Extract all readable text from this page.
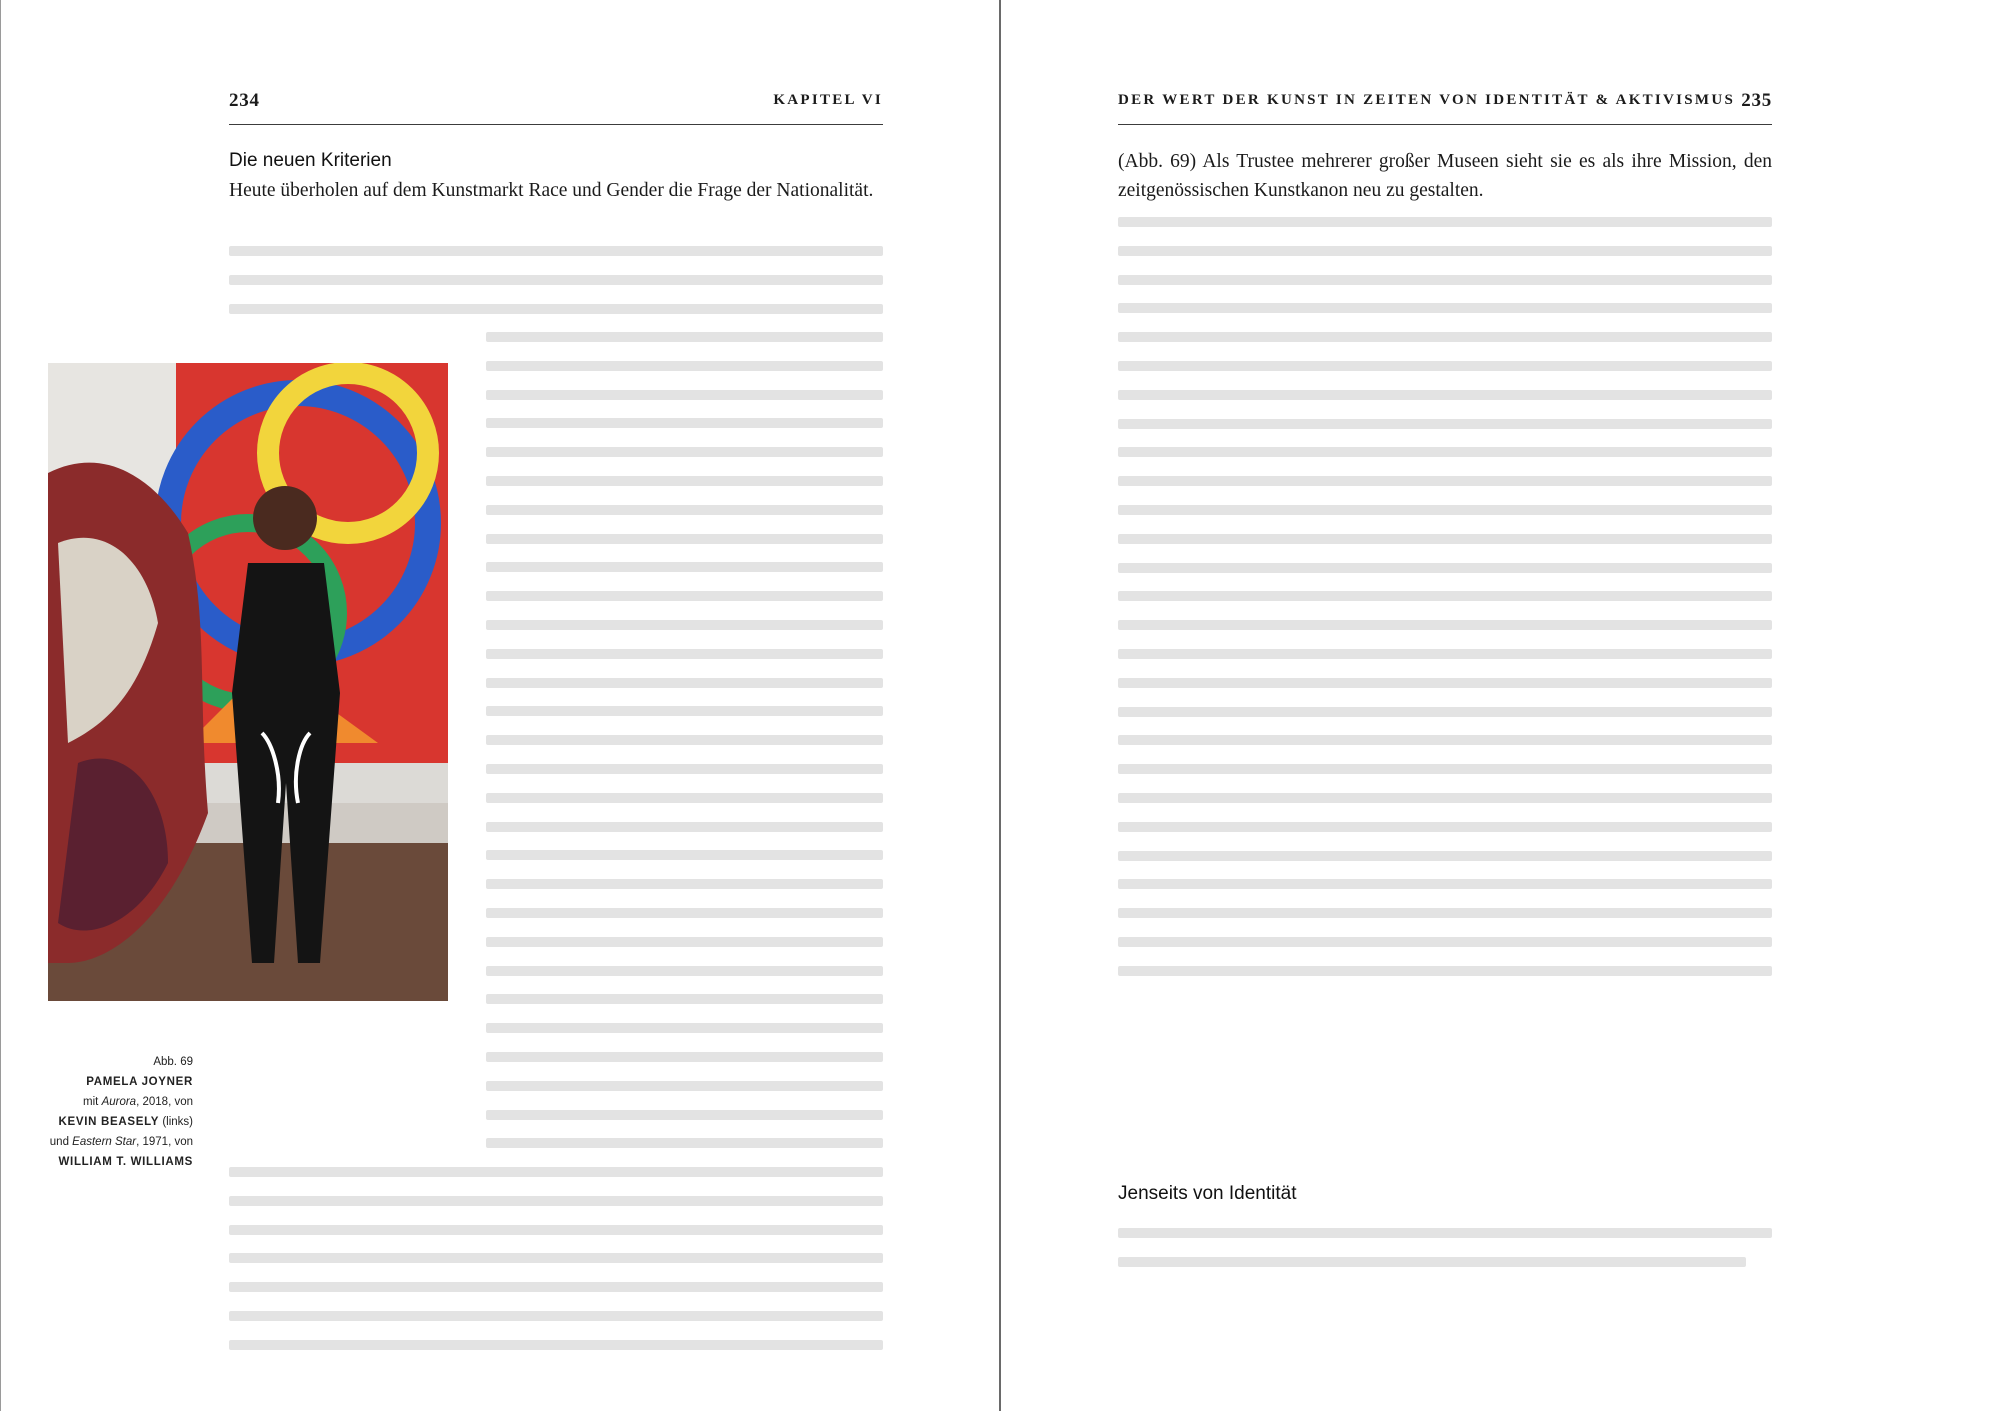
234	KAPITEL VI
Die neuen Kriterien
Heute überholen auf dem Kunstmarkt Race und Gender die Frage der Nationalität.
Abb. 69
PAMELA JOYNER
mit Aurora, 2018, von
KEVIN BEASELY (links)
und Eastern Star, 1971, von
WILLIAM T. WILLIAMS
DER WERT DER KUNST IN ZEITEN VON IDENTITÄT & AKTIVISMUS 235
(Abb. 69) Als Trustee mehrerer großer Museen sieht sie es als ihre Mission, den zeitgenössischen Kunstkanon neu zu gestalten.
Jenseits von Identität
